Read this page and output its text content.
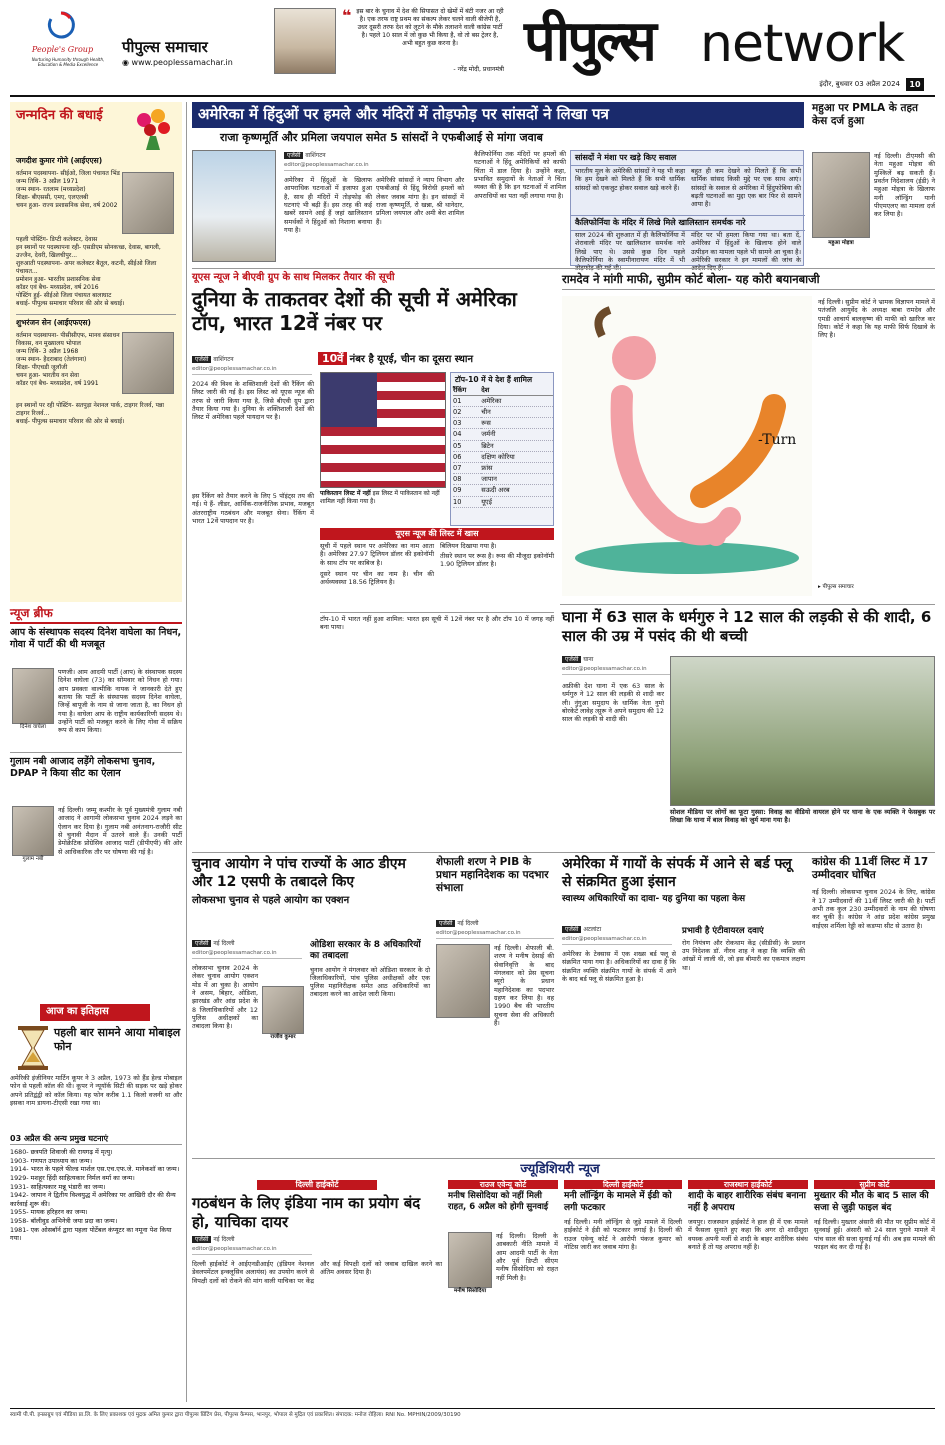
People's Group
Nurturing Humanity through Health, Education & Media Excellence
पीपुल्स समाचार
◉ www.peoplessamachar.in
❝ इस बार के चुनाव में देश की सियासत दो खेमों में बंटी नजर आ रही है। एक तरफ राष्ट्र प्रथम का संकल्प लेकर चलने वाली बीजेपी है, उधर दूसरी तरफ देश को लूटने के मौके तलाशने वाली कांग्रेस पार्टी है। पहले 10 साल में जो कुछ भी किया है, वो तो बस ट्रेलर है, अभी बहुत कुछ करना है।
- नरेंद्र मोदी, प्रधानमंत्री पीपुल्स network
इंदौर, बुधवार 03 अप्रैल 2024	10
जन्मदिन की बधाई
जगदीश कुमार गोमे (आईएएस)
वर्तमान पदस्थापना- सीईओ, जिला पंचायत भिंड
जन्म तिथि- 3 अप्रैल 1971
जन्म स्थान- रतलाम (मध्यप्रदेश)
शिक्षा- बीएससी, एमए, एलएलबी
चयन हुआ- राज्य प्रशासनिक सेवा, वर्ष 2002
पहली पोस्टिंग- डिप्टी कलेक्टर, देवास
इन स्थानों पर पदस्थापना रही- एसडीएम सोनकच्छ, देवास, बागली, उज्जैन, देवरी, खिलचीपुर...
शुरुआती पदस्थापना- अपर कलेक्टर बैतूल, कटनी, सीईओ जिला पंचायत...
प्रमोशन हुआ- भारतीय प्रशासनिक सेवा
कॉडर एवं बैच- मध्यप्रदेश, वर्ष 2016
पोस्टिंग हुई- सीईओ जिला पंचायत बालाघाट
बधाई- पीपुल्स समाचार परिवार की ओर से बधाई।
शुभरंजन सेन (आईएफएस)
वर्तमान पदस्थापना- पीसीसीएफ, मानव संसाधन विकास, वन मुख्यालय भोपाल
जन्म तिथि- 3 अप्रैल 1968
जन्म स्थान- हैदराबाद (तेलंगाना)
शिक्षा- पीएचडी जूलॉजी
चयन हुआ- भारतीय वन सेवा
कॉडर एवं बैच- मध्यप्रदेश, वर्ष 1991
इन स्थानों पर रही पोस्टिंग- सतपुड़ा नेशनल पार्क, टाइगर रिजर्व, पन्ना टाइगर रिजर्व...
बधाई- पीपुल्स समाचार परिवार की ओर से बधाई।
न्यूज ब्रीफ
आप के संस्थापक सदस्य दिनेश वाघेला का निधन, गोवा में पार्टी की थी मजबूत
दिनेश वाघेला
पणजी। आम आदमी पार्टी (आप) के संस्थापक सदस्य दिनेश वाघेला (73) का सोमवार को निधन हो गया। आप प्रवक्ता वाल्मीकि नायक ने जानकारी देते हुए बताया कि पार्टी के संस्थापक सदस्य दिनेश वाघेला, जिन्हें बापूजी के नाम से जाना जाता है, का निधन हो गया है। वाघेला आप के राष्ट्रीय कार्यकारिणी सदस्य थे। उन्होंने पार्टी को मजबूत करने के लिए गोवा में सक्रिय रूप से काम किया।
गुलाम नबी आजाद लड़ेंगे लोकसभा चुनाव, DPAP ने किया सीट का ऐलान
गुलाम नबी
नई दिल्ली। जम्मू कश्मीर के पूर्व मुख्यमंत्री गुलाम नबी आजाद ने आगामी लोकसभा चुनाव 2024 लड़ने का ऐलान कर दिया है। गुलाम नबी अनंतनाग-राजौरी सीट से चुनावी मैदान में उतरने वाले हैं। उनकी पार्टी डेमोक्रेटिक प्रोग्रेसिव आजाद पार्टी (डीपीएपी) की ओर से आधिकारिक तौर पर घोषणा की गई है।
आज का इतिहास
पहली बार सामने आया मोबाइल फोन
अमेरिकी इंजीनियर मार्टिन कूपर ने 3 अप्रैल, 1973 को हैंड हेल्ड मोबाइल फोन से पहली कॉल की थी। कूपर ने न्यूयॉर्क सिटी की सड़क पर खड़े होकर अपने प्रतिद्वंद्वी को कॉल किया। यह फोन करीब 1.1 किलो वजनी था और इसका नाम डायना-टीएसी रखा गया था।
03 अप्रैल की अन्य प्रमुख घटनाएं
1680- छत्रपति शिवाजी की रायगढ़ में मृत्यु।
1903- गणपत उपाध्याय का जन्म।
1914- भारत के पहले फील्ड मार्शल एस.एच.एफ.जे. मानेकशॉ का जन्म।
1929- मशहूर हिंदी साहित्यकार निर्मल वर्मा का जन्म।
1931- साहित्यकार मन्नू भंडारी का जन्म।
1942- जापान ने द्वितीय विश्वयुद्ध में अमेरिका पर आखिरी दौर की सैन्य कार्रवाई शुरू की।
1955- मायक हरिहरन का जन्म।
1958- बॉलीवुड अभिनेत्री जया प्रदा का जन्म।
1981- एक ओसबॉर्न द्वारा पहला पोर्टेबल कंप्यूटर का नमूना पेश किया गया।
अमेरिका में हिंदुओं पर हमले और मंदिरों में तोड़फोड़ पर सांसदों ने लिखा पत्र
राजा कृष्णमूर्ति और प्रमिला जयपाल समेत 5 सांसदों ने एफबीआई से मांगा जवाब
एजेंसी वाशिंगटन
editor@peoplessamachar.co.in
अमेरिका में हिंदुओं के खिलाफ आपराधिक घटनाओं में इजाफा हुआ है, साथ ही मंदिरों में तोड़फोड़ की घटनाएं भी बढ़ी हैं। इस तरह की कई खबरें सामने आई हैं जहां खालिस्तान समर्थकों ने हिंदुओं को निशाना बनाया गया है।
अमेरिकी सांसदों ने न्याय विभाग और एफबीआई से हिंदू विरोधी हमलों को लेकर जवाब मांगा है। इन सांसदों में राजा कृष्णमूर्ति, रो खन्ना, श्री थानेदार, प्रमिला जयपाल और अमी बेरा शामिल हैं।
कैलिफोर्निया तक मंदिरों पर हमलों की घटनाओं ने हिंदू अमेरिकियों को काफी चिंता में डाल दिया है। उन्होंने कहा, प्रभावित समुदायों के नेताओं ने चिंता व्यक्त की है कि इन घटनाओं में शामिल अपराधियों का पता नहीं लगाया गया है।
सांसदों ने मंशा पर खड़े किए सवाल
भारतीय मूल के अमेरिकी सांसदों ने यह भी कहा कि हम देखने को मिलते हैं कि सभी धार्मिक सांसदों को एकजुट होकर सवाल खड़े करने हैं।
बहुत ही कम देखने को मिलते हैं कि सभी धार्मिक सांसद किसी मुद्दे पर एक साथ आएं। सांसदों के सवाल से अमेरिका में हिंदुफोबिया की बढ़ती घटनाओं का मुद्दा एक बार फिर से सामने आया है।
कैलिफोर्निया के मंदिर में लिखे मिले खालिस्तान समर्थक नारे
साल 2024 की शुरुआत में ही कैलिफोर्निया में शेरावाली मंदिर पर खालिस्तान समर्थक नारे लिखे पाए थे। उससे कुछ दिन पहले कैलिफोर्निया के स्वामीनारायण मंदिर में भी
मंदिर पर भी हमला किया गया था। बता दें, अमेरिका में हिंदुओं के खिलाफ होने वाले उत्पीड़न का मामला पहले भी सामने आ चुका है। अमेरिकी सरकार ने इन मामलों की जांच के
महुआ पर PMLA के तहत केस दर्ज हुआ
नई दिल्ली। टीएमसी की नेता महुआ मोइत्रा की मुश्किलें बढ़ सकती हैं। प्रवर्तन निदेशालय (ईडी) ने महुआ मोइत्रा के खिलाफ मनी लॉन्ड्रिंग यानी पीएमएलए का मामला दर्ज कर लिया है।
महुआ मोइत्रा
यूएस न्यूज ने बीएवी ग्रुप के साथ मिलकर तैयार की सूची
दुनिया के ताकतवर देशों की सूची में अमेरिका टॉप, भारत 12वें नंबर पर
10वें नंबर है यूएई, चीन का दूसरा स्थान
एजेंसी वाशिंगटन
editor@peoplessamachar.co.in
2024 की विश्व के शक्तिशाली देशों की रैंकिंग की लिस्ट जारी की गई है। इस लिस्ट को यूएस न्यूज की तरफ से जारी किया गया है, जिसे बीएवी ग्रुप द्वारा तैयार किया गया है। दुनिया के शक्तिशाली देशों की लिस्ट में अमेरिका पहले पायदान पर है।
इस रैंकिंग को तैयार करने के लिए 5 पॉइंट्स तय की गई। ये हैं- लीडर, आर्थिक-राजनीतिक प्रभाव, मजबूत अंतरराष्ट्रीय गठबंधन और मजबूत सेना। रैंकिंग में भारत 12वें पायदान पर है।
पाकिस्तान लिस्ट में नहीं इस लिस्ट में पाकिस्तान को नहीं शामिल नहीं किया गया है।
टॉप-10 में ये देश हैं शामिल
रैंकिंग	देश
01	अमेरिका
02	चीन
03	रूस
04	जर्मनी
05	ब्रिटेन
06	दक्षिण कोरिया
07	फ्रांस
08	जापान
09	सऊदी अरब
10	यूएई
यूएस न्यूज की लिस्ट में खास
सूची में पहले स्थान पर अमेरिका का नाम आता है। अमेरिका 27.97 ट्रिलियन डॉलर की इकोनॉमी के साथ टॉप पर काबिज है।
दूसरे स्थान पर चीन का नाम है। चीन की अर्थव्यवस्था 18.56 ट्रिलियन है।
बिलियन दिखाया गया है।
तीसरे स्थान पर रूस है। रूस की मौजूदा इकोनॉमी 1.90 ट्रिलियन डॉलर है।
टॉप-10 में भारत नहीं हुआ शामिल: भारत इस सूची में 12वें नंबर पर है और टॉप 10 में जगह नहीं बना पाया।
रामदेव ने मांगी माफी, सुप्रीम कोर्ट बोला- यह कोरी बयानबाजी
-Turn
नई दिल्ली। सुप्रीम कोर्ट ने भ्रामक विज्ञापन मामले में पतंजलि आयुर्वेद के अध्यक्ष बाबा रामदेव और एमडी आचार्य बालकृष्ण की माफी को खारिज कर दिया। कोर्ट ने कहा कि यह माफी सिर्फ दिखावे के लिए है।
▸ पीपुल्स समाचार
घाना में 63 साल के धर्मगुरु ने 12 साल की लड़की से की शादी, 6 साल की उम्र में पसंद की थी बच्ची
एजेंसी घाना
editor@peoplessamachar.co.in
अफ्रीकी देश घाना में एक 63 साल के धर्मगुरु ने 12 साल की लड़की से शादी कर ली। नुंगुआ समुदाय के धार्मिक नेता नुमो बोरकेटे लावेह त्सुरू ने अपने समुदाय की 12 साल की लड़की से शादी की।
सोशल मीडिया पर लोगों का फूटा गुस्सा: विवाह का वीडियो वायरल होने पर घाना के एक व्यक्ति ने फेसबुक पर लिखा कि घाना में बाल विवाह को जुर्म माना गया है।
चुनाव आयोग ने पांच राज्यों के आठ डीएम और 12 एसपी के तबादले किए
लोकसभा चुनाव से पहले आयोग का एक्शन
एजेंसी नई दिल्ली
editor@peoplessamachar.co.in
लोकसभा चुनाव 2024 के लेकर चुनाव आयोग एक्शन मोड में आ चुका है। आयोग ने असम, बिहार, ओडिशा, झारखंड और आंध्र प्रदेश के 8 जिलाधिकारियों और 12 पुलिस अधीक्षकों का तबादला किया है।
राजीव कुमार
ओडिशा सरकार के 8 अधिकारियों का तबादला
चुनाव आयोग ने मंगलवार को ओडिशा सरकार के दो जिलाधिकारियों, पांच पुलिस अधीक्षकों और एक पुलिस महानिरीक्षक समेत आठ अधिकारियों का तबादला करने का आदेश जारी किया।
शेफाली शरण ने PIB के प्रधान महानिदेशक का पदभार संभाला
एजेंसी नई दिल्ली
editor@peoplessamachar.co.in
नई दिल्ली। शेफाली बी. शरण ने मनीष देसाई की सेवानिवृत्ति के बाद मंगलवार को प्रेस सूचना ब्यूरो के प्रधान महानिदेशक का पदभार ग्रहण कर लिया है। वह 1990 बैच की भारतीय सूचना सेवा की अधिकारी हैं।
अमेरिका में गायों के संपर्क में आने से बर्ड फ्लू से संक्रमित हुआ इंसान
स्वास्थ्य अधिकारियों का दावा- यह दुनिया का पहला केस
एजेंसी अटलांटा
editor@peoplessamachar.co.in
अमेरिका के टेक्सास में एक शख्स बर्ड फ्लू से संक्रमित पाया गया है। अधिकारियों का दावा है कि संक्रमित व्यक्ति संक्रमित गायों के संपर्क में आने के बाद बर्ड फ्लू से संक्रमित हुआ है।
प्रभावी है एंटीवायरल दवाएं
रोग नियंत्रण और रोकथाम केंद्र (सीडीसी) के प्रधान उप निदेशक डॉ. नीरव शाह ने कहा कि व्यक्ति की आंखों में लाली थी, जो इस बीमारी का एकमात्र लक्षण था।
कांग्रेस की 11वीं लिस्ट में 17 उम्मीदवार घोषित
नई दिल्ली। लोकसभा चुनाव 2024 के लिए, कांग्रेस ने 17 उम्मीदवारों की 11वीं लिस्ट जारी की है। पार्टी अभी तक कुल 230 उम्मीदवारों के नाम की घोषणा कर चुकी है। कांग्रेस ने आंध्र प्रदेश कांग्रेस प्रमुख वाईएस शर्मिला रेड्डी को कडप्पा सीट से उतारा है।
ज्यूडिशियरी न्यूज
दिल्ली हाईकोर्ट
गठबंधन के लिए इंडिया नाम का प्रयोग बंद हो, याचिका दायर
एजेंसी नई दिल्ली
editor@peoplessamachar.co.in
दिल्ली हाईकोर्ट ने आईएनडीआईए (इंडियन नेशनल डेवलपमेंटल इन्क्लूसिव अलायंस) का उपयोग करने से विपक्षी दलों को रोकने की मांग वाली याचिका पर केंद्र और कई विपक्षी दलों को जवाब दाखिल करने का अंतिम अवसर दिया है।
राउज एवेन्यू कोर्ट
मनीष सिसोदिया को नहीं मिली राहत, 6 अप्रैल को होगी सुनवाई
मनीष सिसोदिया
नई दिल्ली। दिल्ली के आबकारी नीति मामले में आम आदमी पार्टी के नेता और पूर्व डिप्टी सीएम मनीष सिसोदिया को राहत नहीं मिली है।
दिल्ली हाईकोर्ट
मनी लॉन्ड्रिंग के मामले में ईडी को लगी फटकार
नई दिल्ली। मनी लॉन्ड्रिंग से जुड़े मामले में दिल्ली हाईकोर्ट ने ईडी को फटकार लगाई है। दिल्ली की राउज एवेन्यू कोर्ट ने आरोपी पंकज कुमार को नोटिस जारी कर जवाब मांगा है।
राजस्थान हाईकोर्ट
शादी के बाहर शारीरिक संबंध बनाना नहीं है अपराध
जयपुर। राजस्थान हाईकोर्ट ने हाल ही में एक मामले में फैसला सुनाते हुए कहा कि अगर दो शादीशुदा वयस्क अपनी मर्जी से शादी के बाहर शारीरिक संबंध बनाते हैं तो यह अपराध नहीं है।
सुप्रीम कोर्ट
मुख्तार की मौत के बाद 5 साल की सजा से जुड़ी फाइल बंद
नई दिल्ली। मुख्तार अंसारी की मौत पर सुप्रीम कोर्ट में सुनवाई हुई। अंसारी को 24 साल पुराने मामले में पांच साल की सजा सुनाई गई थी। अब इस मामले की फाइल बंद कर दी गई है।
स्वामी पी.पी. इन्फ्राग्रुप एवं मीडिया प्रा.लि. के लिए प्रकाशक एवं मुद्रक अमित कुमार द्वारा पीपुल्स प्रिंटिंग प्रेस, पीपुल्स कैम्पस, भानपुर, भोपाल से मुद्रित एवं प्रकाशित। संपादक: मनोज रोहिला। RNI No. MPHIN/2009/30190
